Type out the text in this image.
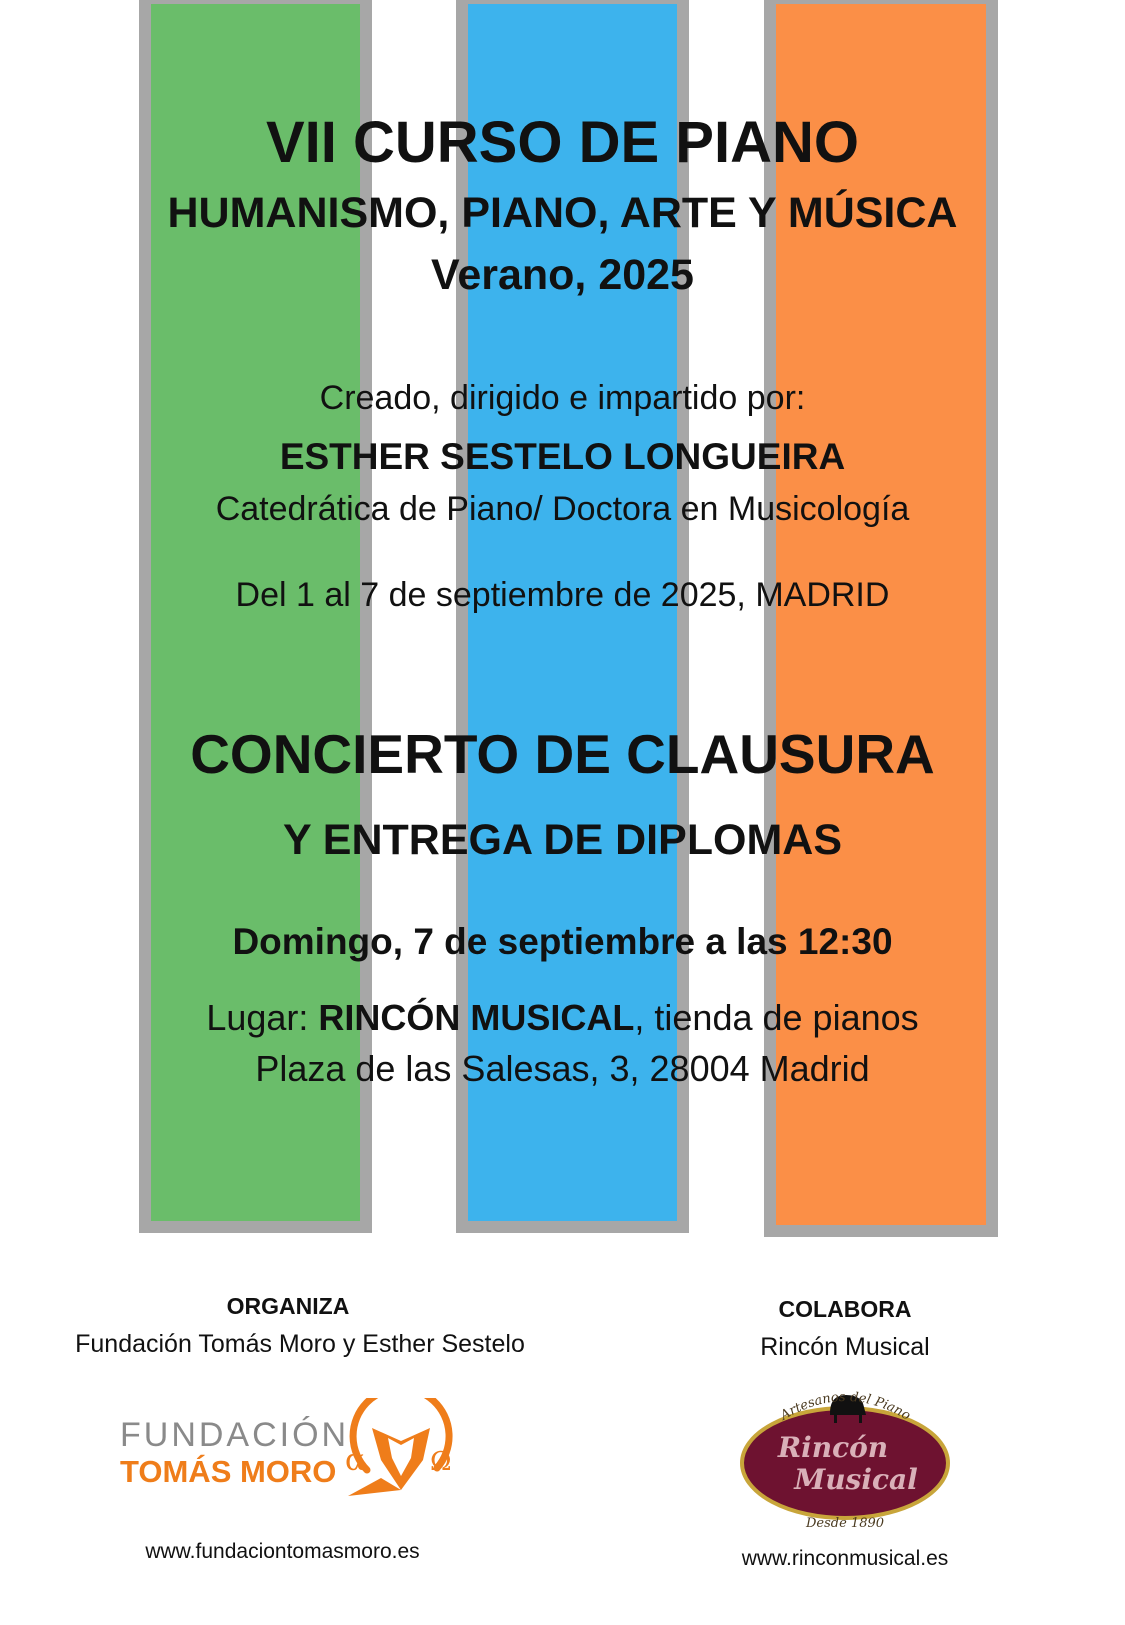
VII CURSO DE PIANO
HUMANISMO, PIANO, ARTE Y MÚSICA
Verano, 2025
Creado, dirigido e impartido por:
ESTHER SESTELO LONGUEIRA
Catedrática de Piano/ Doctora en Musicología
Del 1 al 7 de septiembre de 2025, MADRID
CONCIERTO DE CLAUSURA
Y ENTREGA DE DIPLOMAS
Domingo, 7 de septiembre a las 12:30
Lugar: RINCÓN MUSICAL, tienda de pianos
Plaza de las Salesas, 3, 28004 Madrid
ORGANIZA
Fundación Tomás Moro y Esther Sestelo
FUNDACIÓN
TOMÁS MORO α Ω
www.fundaciontomasmoro.es
COLABORA
Rincón Musical
Artesanos del Piano
Rincón
Musical
Desde 1890
www.rinconmusical.es
